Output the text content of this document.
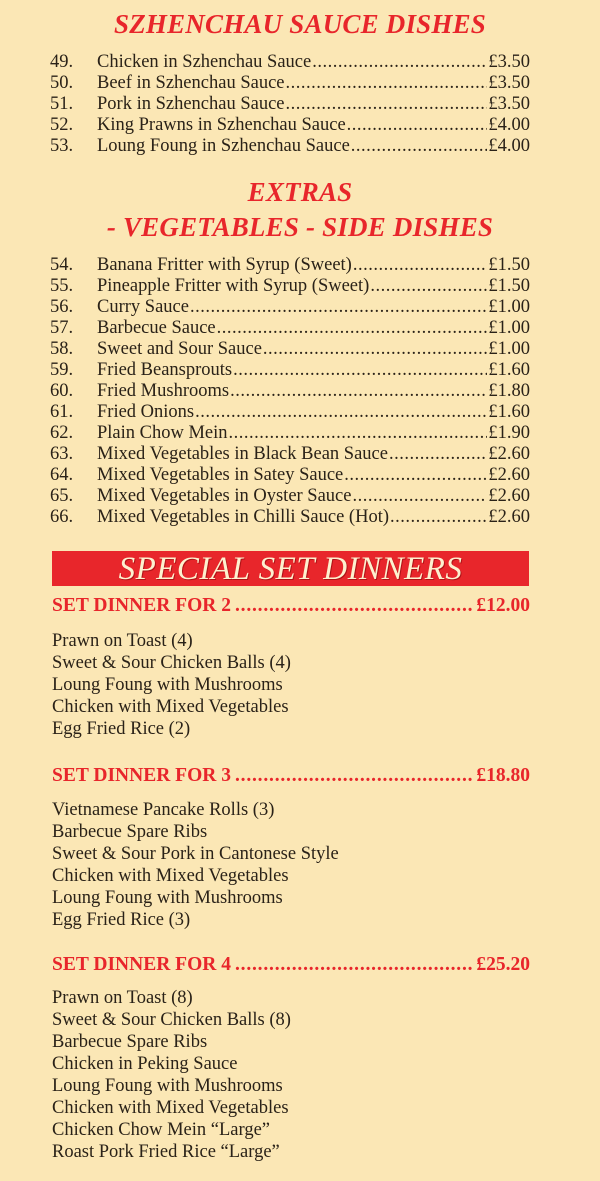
SZHENCHAU SAUCE DISHES
49.	Chicken in Szhenchau Sauce .....	£3.50
50.	Beef in Szhenchau Sauce .....	£3.50
51.	Pork in Szhenchau Sauce .....	£3.50
52.	King Prawns in Szhenchau Sauce .....	£4.00
53.	Loung Foung in Szhenchau Sauce .....	£4.00
EXTRAS
- VEGETABLES - SIDE DISHES
54.	Banana Fritter with Syrup (Sweet) .....	£1.50
55.	Pineapple Fritter with Syrup (Sweet) .....	£1.50
56.	Curry Sauce .....	£1.00
57.	Barbecue Sauce .....	£1.00
58.	Sweet and Sour Sauce .....	£1.00
59.	Fried Beansprouts .....	£1.60
60.	Fried Mushrooms .....	£1.80
61.	Fried Onions .....	£1.60
62.	Plain Chow Mein .....	£1.90
63.	Mixed Vegetables in Black Bean Sauce .....	£2.60
64.	Mixed Vegetables in Satey Sauce .....	£2.60
65.	Mixed Vegetables in Oyster Sauce .....	£2.60
66.	Mixed Vegetables in Chilli Sauce (Hot) .....	£2.60
SPECIAL SET DINNERS
SET DINNER FOR 2 .....	£12.00
Prawn on Toast (4)
Sweet & Sour Chicken Balls (4)
Loung Foung with Mushrooms
Chicken with Mixed Vegetables
Egg Fried Rice (2)
SET DINNER FOR 3 .....	£18.80
Vietnamese Pancake Rolls (3)
Barbecue Spare Ribs
Sweet & Sour Pork in Cantonese Style
Chicken with Mixed Vegetables
Loung Foung with Mushrooms
Egg Fried Rice (3)
SET DINNER FOR 4 .....	£25.20
Prawn on Toast (8)
Sweet & Sour Chicken Balls (8)
Barbecue Spare Ribs
Chicken in Peking Sauce
Loung Foung with Mushrooms
Chicken with Mixed Vegetables
Chicken Chow Mein “Large”
Roast Pork Fried Rice “Large”
